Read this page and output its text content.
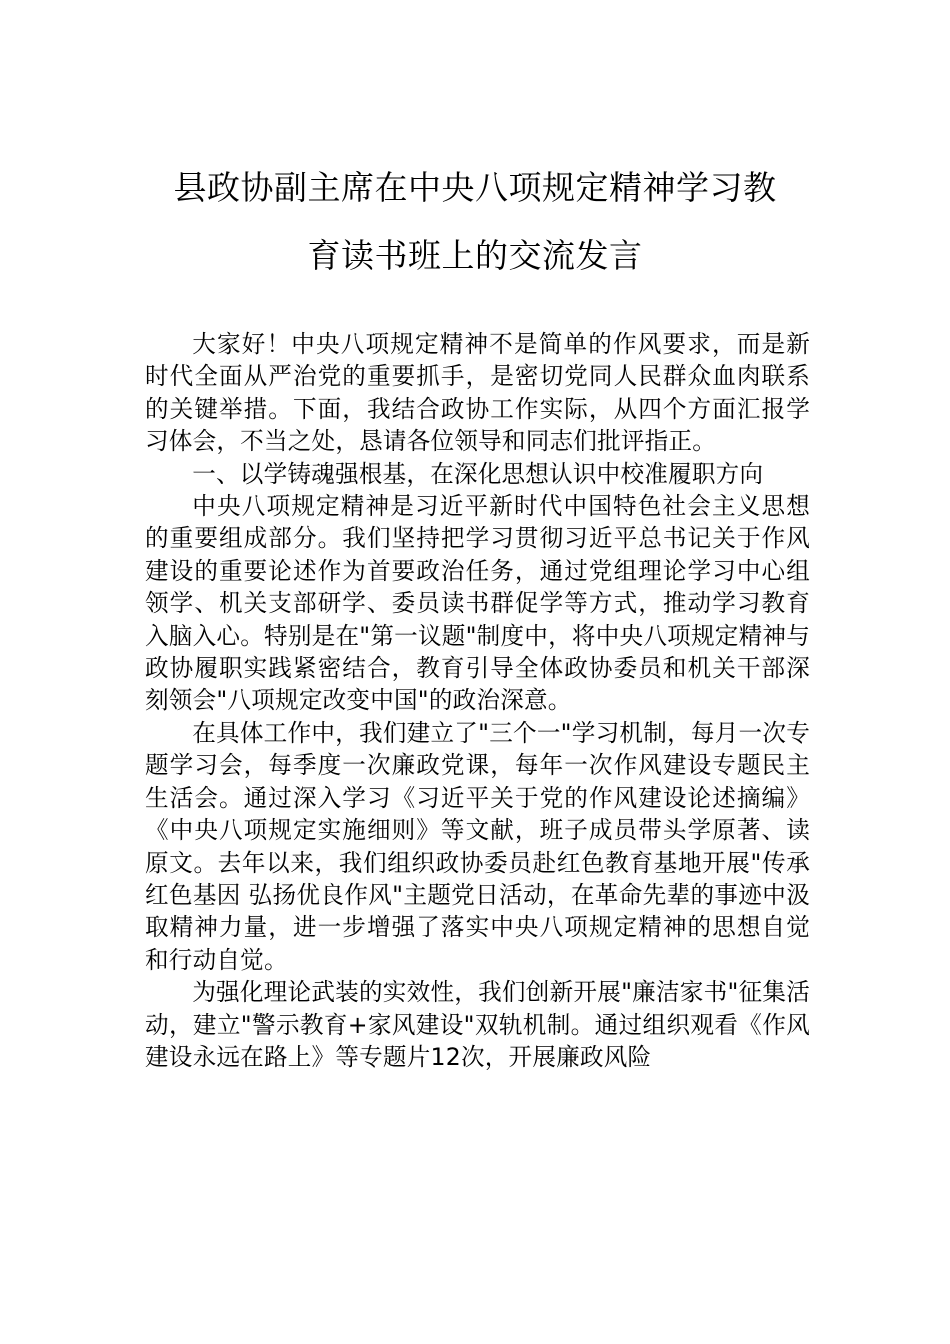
县政协副主席在中央八项规定精神学习教
育读书班上的交流发言

大家好！中央八项规定精神不是简单的作风要求，而是新时代全面从严治党的重要抓手，是密切党同人民群众血肉联系的关键举措。下面，我结合政协工作实际，从四个方面汇报学习体会，不当之处，恳请各位领导和同志们批评指正。

一、以学铸魂强根基，在深化思想认识中校准履职方向

中央八项规定精神是习近平新时代中国特色社会主义思想的重要组成部分。我们坚持把学习贯彻习近平总书记关于作风建设的重要论述作为首要政治任务，通过党组理论学习中心组领学、机关支部研学、委员读书群促学等方式，推动学习教育入脑入心。特别是在"第一议题"制度中，将中央八项规定精神与政协履职实践紧密结合，教育引导全体政协委员和机关干部深刻领会"八项规定改变中国"的政治深意。

在具体工作中，我们建立了"三个一"学习机制，每月一次专题学习会，每季度一次廉政党课，每年一次作风建设专题民主生活会。通过深入学习《习近平关于党的作风建设论述摘编》《中央八项规定实施细则》等文献，班子成员带头学原著、读原文。去年以来，我们组织政协委员赴红色教育基地开展"传承红色基因 弘扬优良作风"主题党日活动，在革命先辈的事迹中汲取精神力量，进一步增强了落实中央八项规定精神的思想自觉和行动自觉。

为强化理论武装的实效性，我们创新开展"廉洁家书"征集活动，建立"警示教育+家风建设"双轨机制。通过组织观看《作风建设永远在路上》等专题片12次，开展廉政风险
